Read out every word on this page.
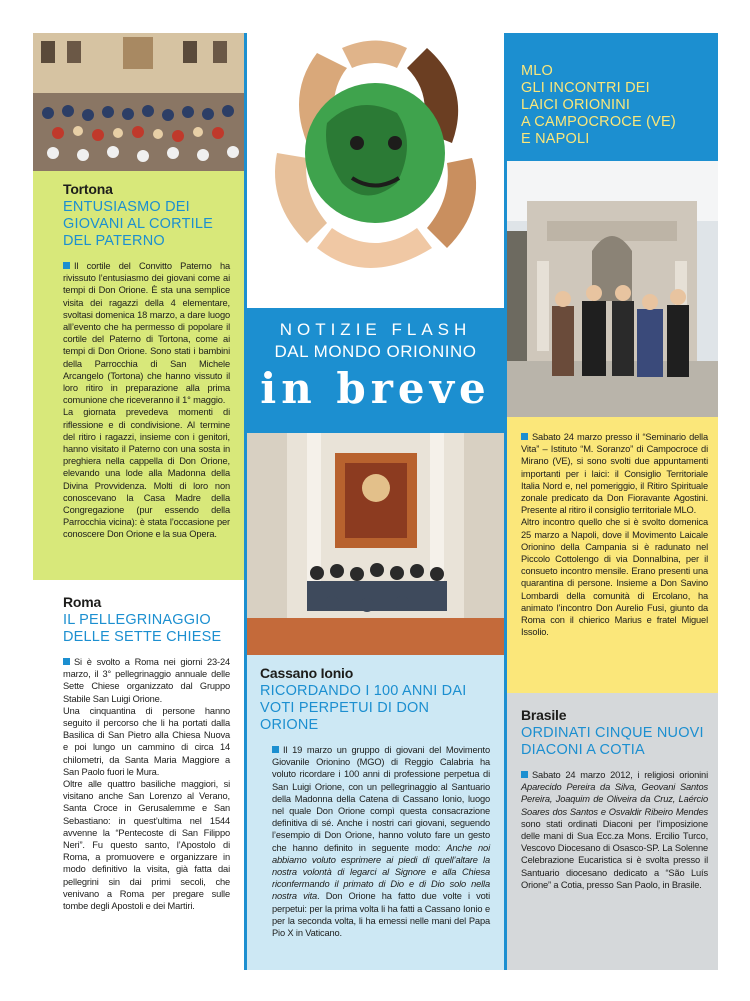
Tortona
ENTUSIASMO DEI GIOVANI AL CORTILE DEL PATERNO

Il cortile del Convitto Paterno ha rivissuto l’entusiasmo dei giovani come ai tempi di Don Orione. È sta una semplice visita dei ragazzi della 4 elementare, svoltasi domenica 18 marzo, a dare luogo all’evento che ha permesso di popolare il cortile del Paterno di Tortona, come ai tempi di Don Orione. Sono stati i bambini della Parrocchia di San Michele Arcangelo (Tortona) che hanno vissuto il loro ritiro in preparazione alla prima comunione che riceveranno il 1° maggio.

La giornata prevedeva momenti di riflessione e di condivisione. Al termine del ritiro i ragazzi, insieme con i genitori, hanno visitato il Paterno con una sosta in preghiera nella cappella di Don Orione, elevando una lode alla Madonna della Divina Provvidenza. Molti di loro non conoscevano la Casa Madre della Congregazione (pur essendo della Parrocchia vicina): è stata l’occasione per conoscere Don Orione e la sua Opera.

Roma
IL PELLEGRINAGGIO DELLE SETTE CHIESE

Si è svolto a Roma nei giorni 23-24 marzo, il 3° pellegrinaggio annuale delle Sette Chiese organizzato dal Gruppo Stabile San Luigi Orione.

Una cinquantina di persone hanno seguito il percorso che li ha portati dalla Basilica di San Pietro alla Chiesa Nuova e poi lungo un cammino di circa 14 chilometri, da Santa Maria Maggiore a San Paolo fuori le Mura.

Oltre alle quattro basiliche maggiori, si visitano anche San Lorenzo al Verano, Santa Croce in Gerusalemme e San Sebastiano: in quest’ultima nel 1544 avvenne la “Pentecoste di San Filippo Neri”. Fu questo santo, l’Apostolo di Roma, a promuovere e organizzare in modo definitivo la visita, già fatta dai pellegrini sin dai primi secoli, che venivano a Roma per pregare sulle tombe degli Apostoli e dei Martiri.

NOTIZIE FLASH
DAL MONDO ORIONINO
in breve
Cassano Ionio
RICORDANDO I 100 ANNI DAI VOTI PERPETUI DI DON ORIONE

Il 19 marzo un gruppo di giovani del Movimento Giovanile Orionino (MGO) di Reggio Calabria ha voluto ricordare i 100 anni di professione perpetua di San Luigi Orione, con un pellegrinaggio al Santuario della Madonna della Catena di Cassano Ionio, luogo nel quale Don Orione compì questa consacrazione definitiva di sé. Anche i nostri cari giovani, seguendo l’esempio di Don Orione, hanno voluto fare un gesto che hanno definito in seguente modo: Anche noi abbiamo voluto esprimere ai piedi di quell’altare la nostra volontà di legarci al Signore e alla Chiesa riconfermando il primato di Dio e di Dio solo nella nostra vita. Don Orione ha fatto due volte i voti perpetui: per la prima volta li ha fatti a Cassano Ionio e per la seconda volta, li ha emessi nelle mani del Papa Pio X in Vaticano.

MLO
GLI INCONTRI DEI
LAICI ORIONINI
A CAMPOCROCE (VE)
E NAPOLI

Sabato 24 marzo presso il “Seminario della Vita” – Istituto “M. Soranzo” di Campocroce di Mirano (VE), si sono svolti due appuntamenti importanti per i laici: il Consiglio Territoriale Italia Nord e, nel pomeriggio, il Ritiro Spirituale zonale predicato da Don Fioravante Agostini. Presente al ritiro il consiglio territoriale MLO.

Altro incontro quello che si è svolto domenica 25 marzo a Napoli, dove il Movimento Laicale Orionino della Campania si è radunato nel Piccolo Cottolengo di via Donnalbina, per il consueto incontro mensile. Erano presenti una quarantina di persone. Insieme a Don Savino Lombardi della comunità di Ercolano, ha animato l’incontro Don Aurelio Fusi, giunto da Roma con il chierico Marius e fratel Miguel Issolio.

Brasile
ORDINATI CINQUE NUOVI DIACONI A COTIA

Sabato 24 marzo 2012, i religiosi orionini Aparecido Pereira da Silva, Geovani Santos Pereira, Joaquim de Oliveira da Cruz, Laércio Soares dos Santos e Osvaldir Ribeiro Mendes sono stati ordinati Diaconi per l’imposizione delle mani di Sua Ecc.za Mons. Ercilio Turco, Vescovo Diocesano di Osasco-SP. La Solenne Celebrazione Eucaristica si è svolta presso il Santuario diocesano dedicato a “São Luís Orione” a Cotia, presso San Paolo, in Brasile.
